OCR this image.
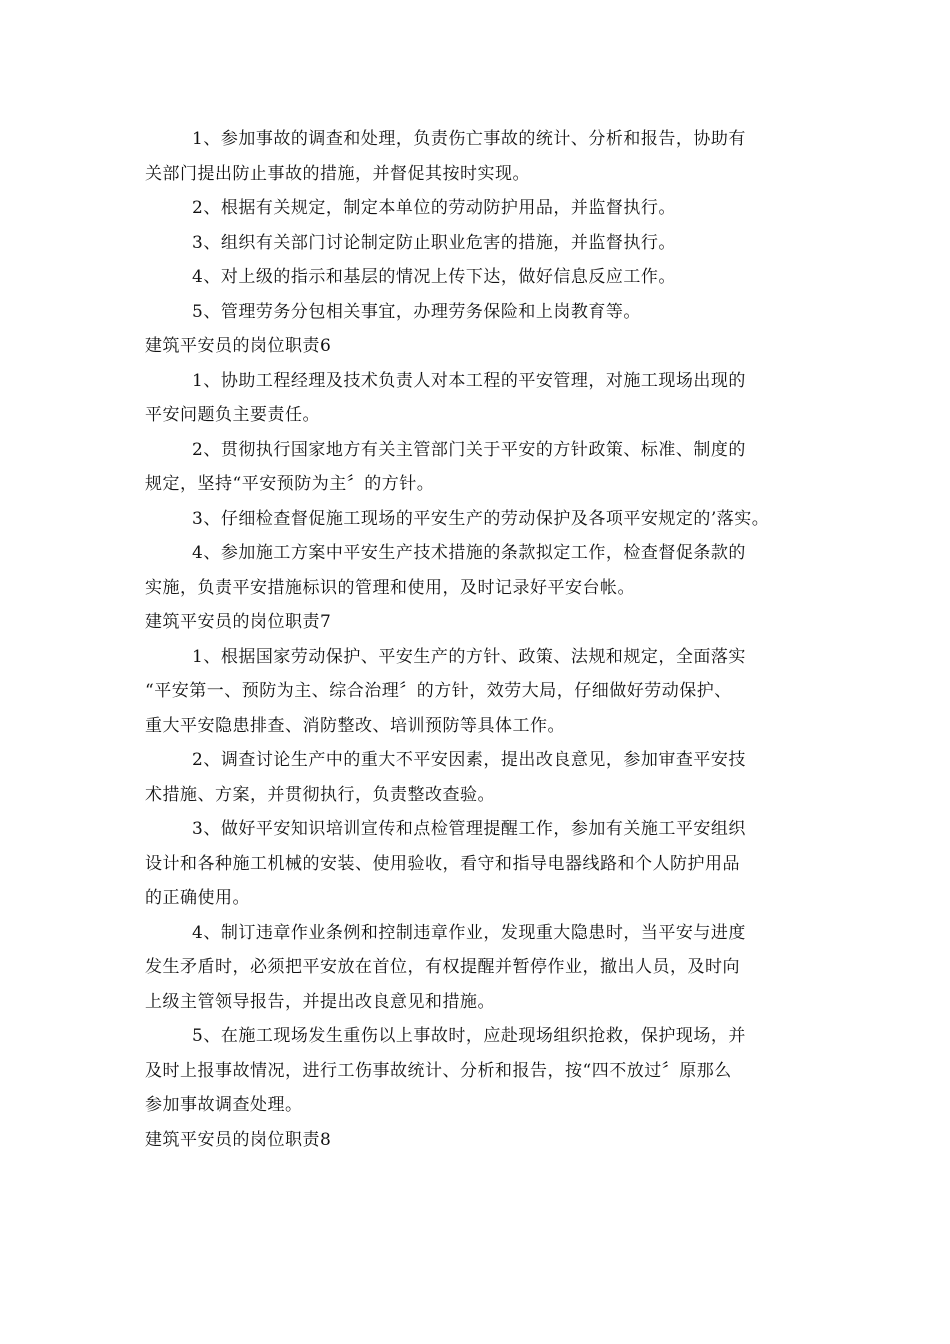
1、参加事故的调查和处理，负责伤亡事故的统计、分析和报告，协助有
关部门提出防止事故的措施，并督促其按时实现。
2、根据有关规定，制定本单位的劳动防护用品，并监督执行。
3、组织有关部门讨论制定防止职业危害的措施，并监督执行。
4、对上级的指示和基层的情况上传下达，做好信息反应工作。
5、管理劳务分包相关事宜，办理劳务保险和上岗教育等。
建筑平安员的岗位职责6
1、协助工程经理及技术负责人对本工程的平安管理，对施工现场出现的
平安问题负主要责任。
2、贯彻执行国家地方有关主管部门关于平安的方针政策、标准、制度的
规定，坚持“平安预防为主〞的方针。
3、仔细检查督促施工现场的平安生产的劳动保护及各项平安规定的’落实。
4、参加施工方案中平安生产技术措施的条款拟定工作，检查督促条款的
实施，负责平安措施标识的管理和使用，及时记录好平安台帐。
建筑平安员的岗位职责7
1、根据国家劳动保护、平安生产的方针、政策、法规和规定，全面落实
“平安第一、预防为主、综合治理〞的方针，效劳大局，仔细做好劳动保护、
重大平安隐患排查、消防整改、培训预防等具体工作。
2、调查讨论生产中的重大不平安因素，提出改良意见，参加审查平安技
术措施、方案，并贯彻执行，负责整改查验。
3、做好平安知识培训宣传和点检管理提醒工作，参加有关施工平安组织
设计和各种施工机械的安装、使用验收，看守和指导电器线路和个人防护用品
的正确使用。
4、制订违章作业条例和控制违章作业，发现重大隐患时，当平安与进度
发生矛盾时，必须把平安放在首位，有权提醒并暂停作业，撤出人员，及时向
上级主管领导报告，并提出改良意见和措施。
5、在施工现场发生重伤以上事故时，应赴现场组织抢救，保护现场，并
及时上报事故情况，进行工伤事故统计、分析和报告，按“四不放过〞原那么
参加事故调查处理。
建筑平安员的岗位职责8
